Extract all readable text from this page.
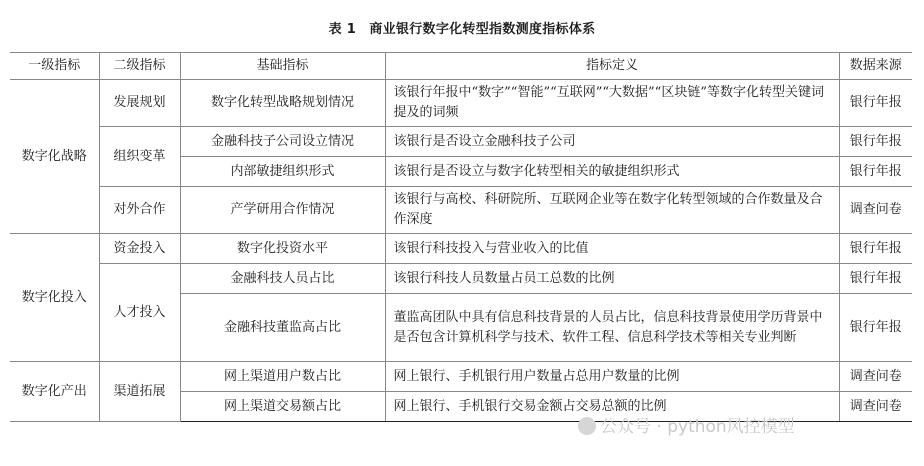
表 1　商业银行数字化转型指数测度指标体系
一级指标	二级指标	基础指标	指标定义	数据来源
数字化战略	发展规划	数字化转型战略规划情况	该银行年报中“数字”“智能”“互联网”“大数据”“区块链”等数字化转型关键词提及的词频	银行年报
	组织变革	金融科技子公司设立情况	该银行是否设立金融科技子公司	银行年报
		内部敏捷组织形式	该银行是否设立与数字化转型相关的敏捷组织形式	银行年报
	对外合作	产学研用合作情况	该银行与高校、科研院所、互联网企业等在数字化转型领域的合作数量及合作深度	调查问卷
数字化投入	资金投入	数字化投资水平	该银行科技投入与营业收入的比值	银行年报
	人才投入	金融科技人员占比	该银行科技人员数量占员工总数的比例	银行年报
		金融科技董监高占比	董监高团队中具有信息科技背景的人员占比，信息科技背景使用学历背景中是否包含计算机科学与技术、软件工程、信息科学技术等相关专业判断	银行年报
数字化产出	渠道拓展	网上渠道用户数占比	网上银行、手机银行用户数量占总用户数量的比例	调查问卷
		网上渠道交易额占比	网上银行、手机银行交易金额占交易总额的比例	调查问卷
公众号 · python风控模型
